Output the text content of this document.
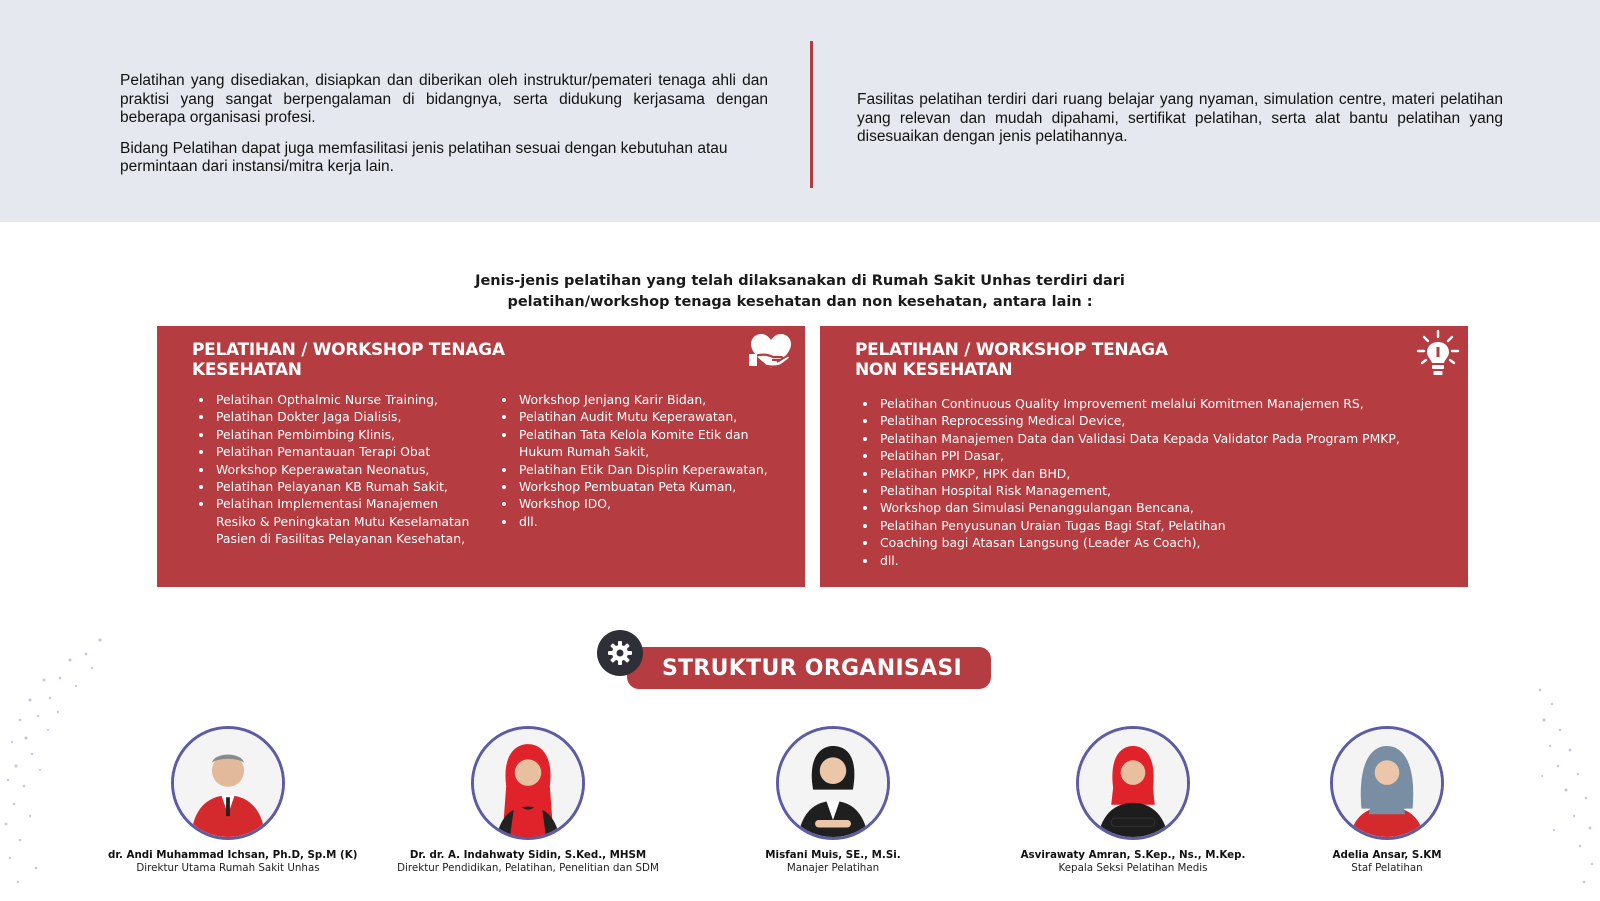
Pelatihan yang disediakan, disiapkan dan diberikan oleh instruktur/pemateri tenaga ahli dan praktisi yang sangat berpengalaman di bidangnya, serta didukung kerjasama dengan beberapa organisasi profesi.

Bidang Pelatihan dapat juga memfasilitasi jenis pelatihan sesuai dengan kebutuhan atau permintaan dari instansi/mitra kerja lain.

Fasilitas pelatihan terdiri dari ruang belajar yang nyaman, simulation centre, materi pelatihan yang relevan dan mudah dipahami, sertifikat pelatihan, serta alat bantu pelatihan yang disesuaikan dengan jenis pelatihannya.

Jenis-jenis pelatihan yang telah dilaksanakan di Rumah Sakit Unhas terdiri dari
pelatihan/workshop tenaga kesehatan dan non kesehatan, antara lain :
PELATIHAN / WORKSHOP TENAGA KESEHATAN
• Pelatihan Opthalmic Nurse Training,
• Pelatihan Dokter Jaga Dialisis,
• Pelatihan Pembimbing Klinis,
• Pelatihan Pemantauan Terapi Obat
• Workshop Keperawatan Neonatus,
• Pelatihan Pelayanan KB Rumah Sakit,
• Pelatihan Implementasi Manajemen Resiko & Peningkatan Mutu Keselamatan Pasien di Fasilitas Pelayanan Kesehatan,
• Workshop Jenjang Karir Bidan,
• Pelatihan Audit Mutu Keperawatan,
• Pelatihan Tata Kelola Komite Etik dan Hukum Rumah Sakit,
• Pelatihan Etik Dan Displin Keperawatan,
• Workshop Pembuatan Peta Kuman,
• Workshop IDO,
• dll.
PELATIHAN / WORKSHOP TENAGA NON KESEHATAN
• Pelatihan Continuous Quality Improvement melalui Komitmen Manajemen RS,
• Pelatihan Reprocessing Medical Device,
• Pelatihan Manajemen Data dan Validasi Data Kepada Validator Pada Program PMKP,
• Pelatihan PPI Dasar,
• Pelatihan PMKP, HPK dan BHD,
• Pelatihan Hospital Risk Management,
• Workshop dan Simulasi Penanggulangan Bencana,
• Pelatihan Penyusunan Uraian Tugas Bagi Staf, Pelatihan
• Coaching bagi Atasan Langsung (Leader As Coach),
• dll.
STRUKTUR ORGANISASI
dr. Andi Muhammad Ichsan, Ph.D, Sp.M (K)
Direktur Utama Rumah Sakit Unhas
Dr. dr. A. Indahwaty Sidin, S.Ked., MHSM
Direktur Pendidikan, Pelatihan, Penelitian dan SDM
Misfani Muis, SE., M.Si.
Manajer Pelatihan
Asvirawaty Amran, S.Kep., Ns., M.Kep.
Kepala Seksi Pelatihan Medis
Adelia Ansar, S.KM
Staf Pelatihan
